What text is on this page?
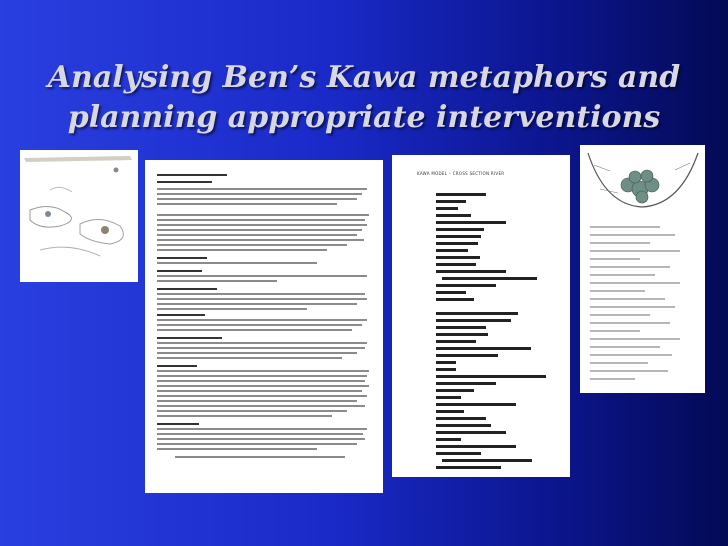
Analysing Ben’s Kawa metaphors and
planning appropriate interventions
KAWA MODEL – CROSS SECTION RIVER
